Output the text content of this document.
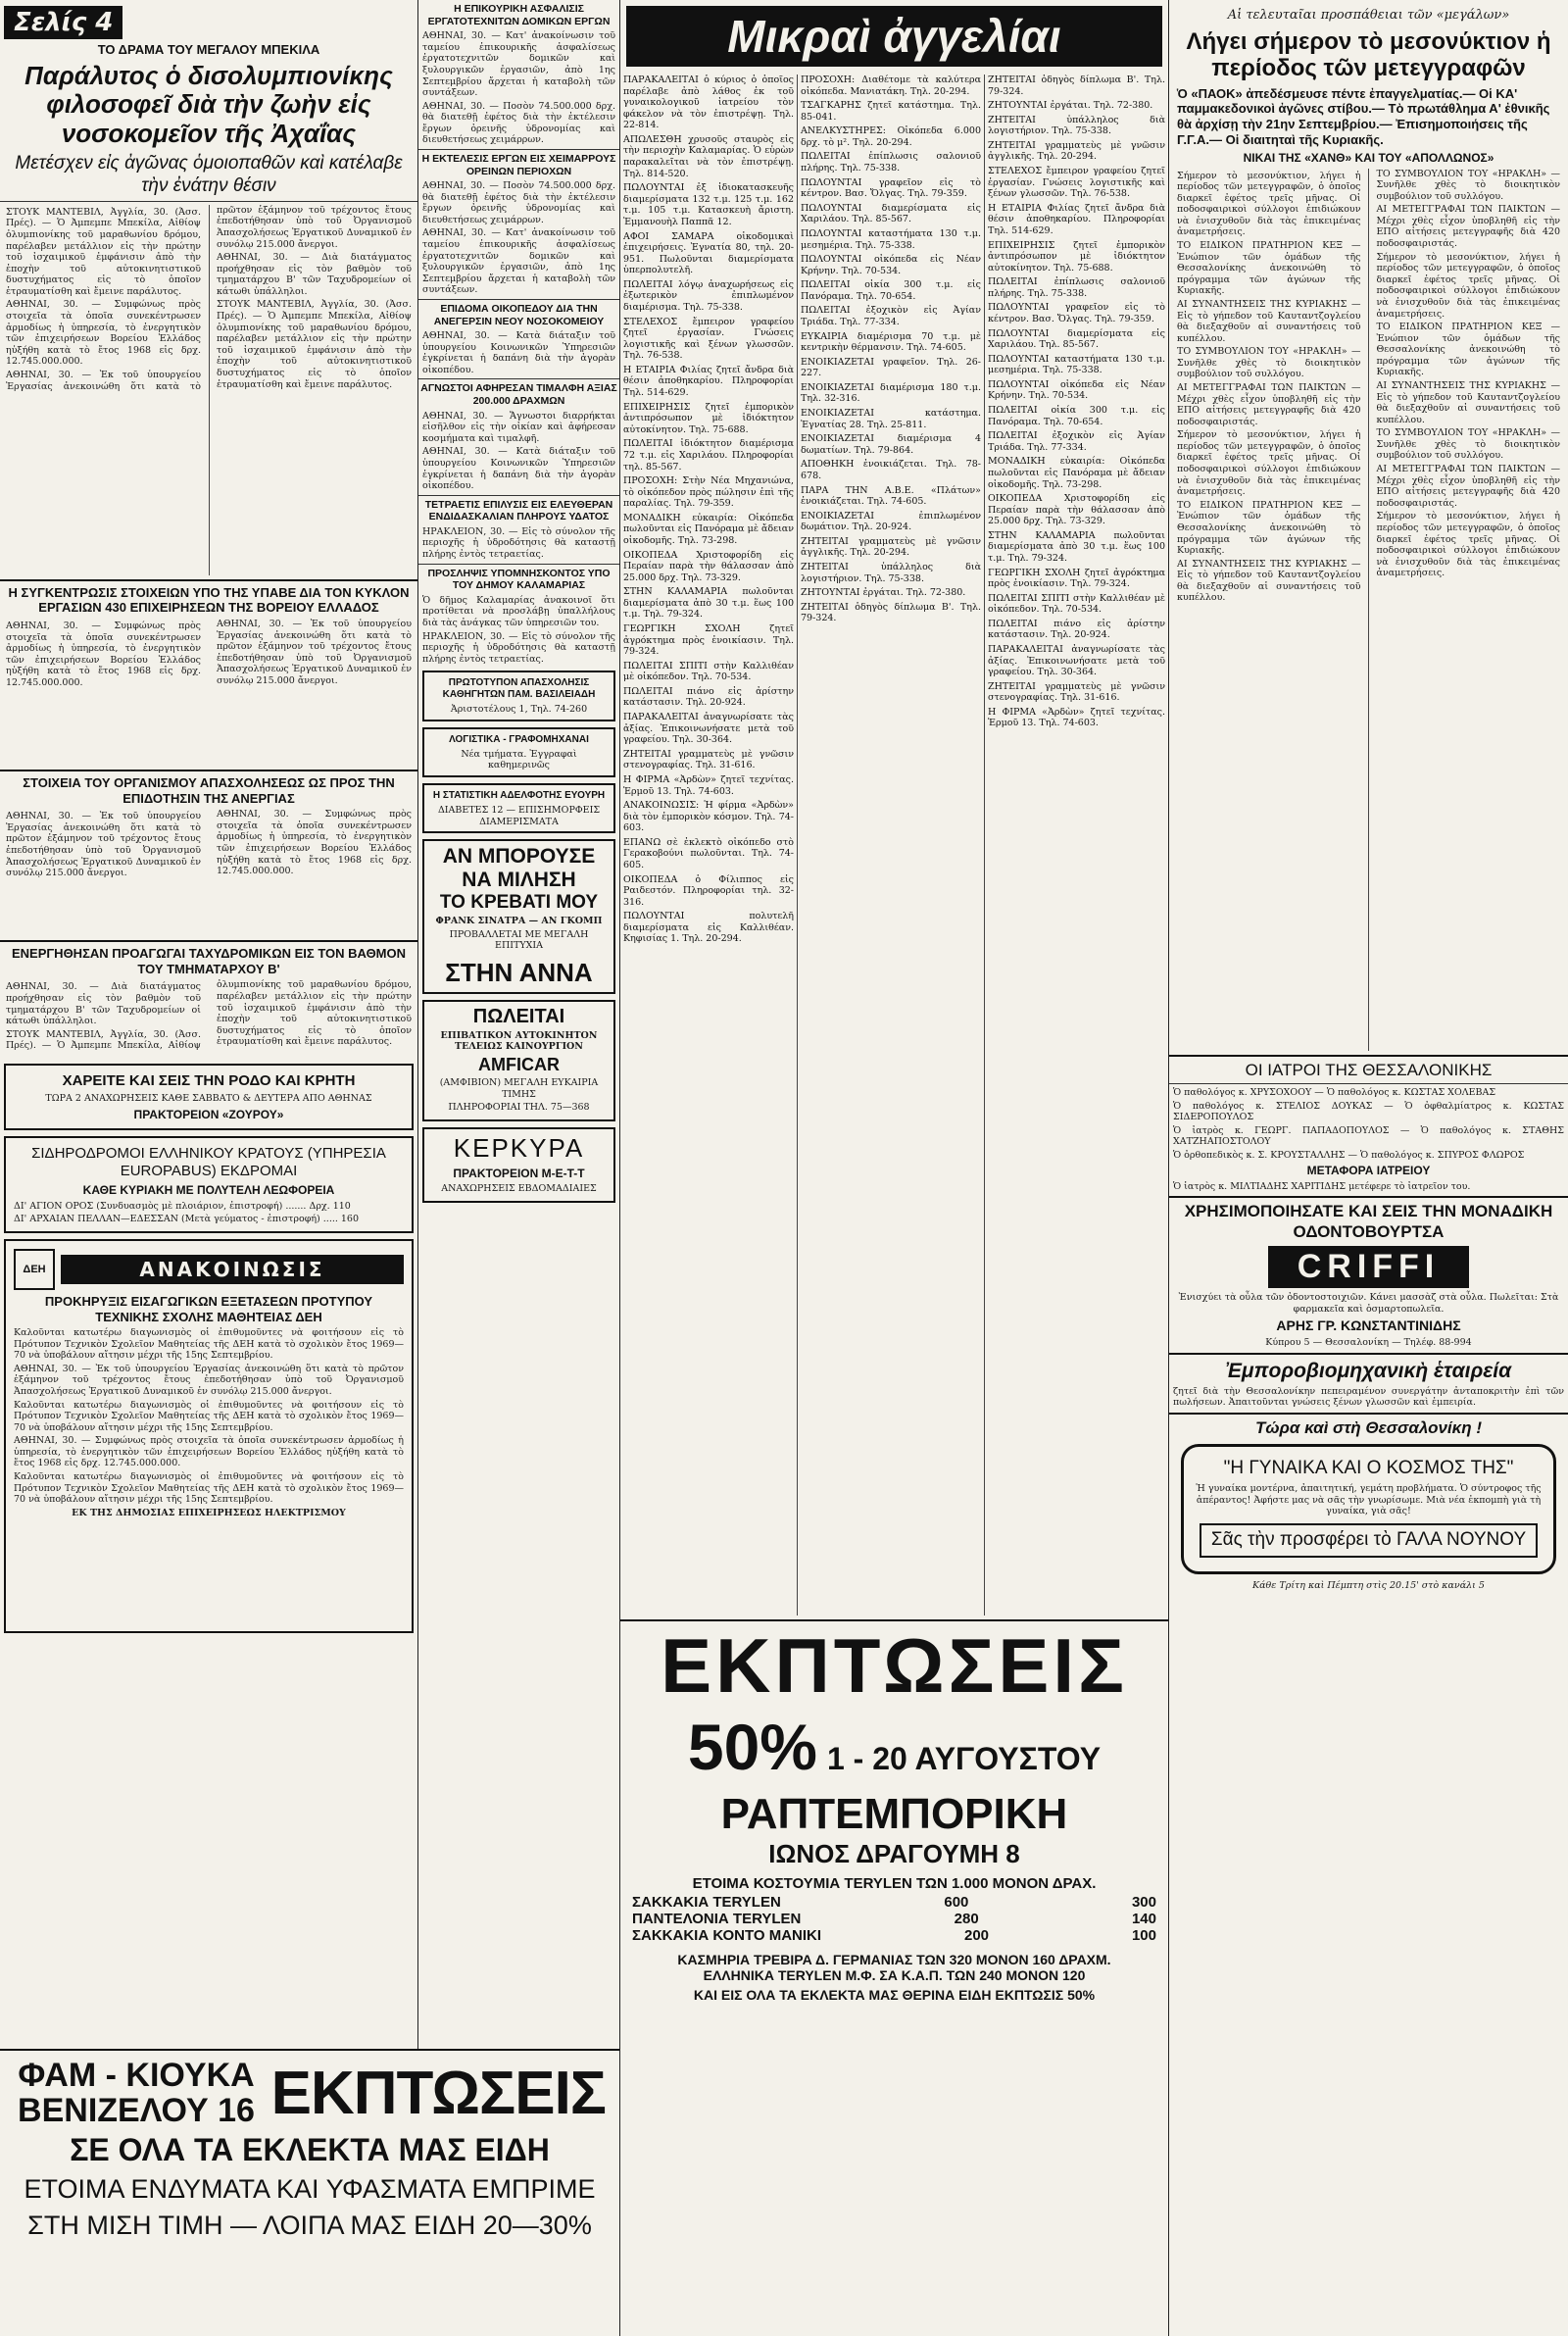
Σελίς 4
ΤΟ ΔΡΑΜΑ ΤΟΥ ΜΕΓΑΛΟΥ ΜΠΕΚΙΛΑ
Παράλυτος ὁ δισολυμπιονίκης φιλοσοφεῖ διὰ τὴν ζωὴν εἰς νοσοκομεῖον τῆς Ἀχαΐας
Μετέσχεν εἰς ἀγῶνας ὁμοιοπαθῶν καὶ κατέλαβε τὴν ἐνάτην θέσιν

ΣΤΟΥΚ ΜΑΝΤΕΒΙΛ, Ἀγγλία, 30. (Ἀσσ. Πρές). — Ὁ Ἀμπεμπε Μπεκίλα, Αἰθίοψ ὀλυμπιονίκης τοῦ μαραθωνίου δρόμου, παρέλαβεν μετάλλιον εἰς τὴν πρώτην τοῦ ἰσχαιμικοῦ ἐμφάνισιν ἀπὸ τὴν ἐποχὴν τοῦ αὐτοκινητιστικοῦ δυστυχήματος εἰς τὸ ὁποῖον ἐτραυματίσθη καὶ ἔμεινε παράλυτος.

ΑΘΗΝΑΙ, 30. — Συμφώνως πρὸς στοιχεῖα τὰ ὁποῖα συνεκέντρωσεν ἀρμοδίως ἡ ὑπηρεσία, τὸ ἐνεργητικὸν τῶν ἐπιχειρήσεων Βορείου Ἑλλάδος ηὐξήθη κατὰ τὸ ἔτος 1968 εἰς δρχ. 12.745.000.000.

ΑΘΗΝΑΙ, 30. — Ἐκ τοῦ ὑπουργείου Ἐργασίας ἀνεκοινώθη ὅτι κατὰ τὸ πρῶτον ἑξάμηνον τοῦ τρέχοντος ἔτους ἐπεδοτήθησαν ὑπὸ τοῦ Ὀργανισμοῦ Ἀπασχολήσεως Ἐργατικοῦ Δυναμικοῦ ἐν συνόλῳ 215.000 ἄνεργοι.

ΑΘΗΝΑΙ, 30. — Διὰ διατάγματος προήχθησαν εἰς τὸν βαθμὸν τοῦ τμηματάρχου Β' τῶν Ταχυδρομείων οἱ κάτωθι ὑπάλληλοι.

ΣΤΟΥΚ ΜΑΝΤΕΒΙΛ, Ἀγγλία, 30. (Ἀσσ. Πρές). — Ὁ Ἀμπεμπε Μπεκίλα, Αἰθίοψ ὀλυμπιονίκης τοῦ μαραθωνίου δρόμου, παρέλαβεν μετάλλιον εἰς τὴν πρώτην τοῦ ἰσχαιμικοῦ ἐμφάνισιν ἀπὸ τὴν ἐποχὴν τοῦ αὐτοκινητιστικοῦ δυστυχήματος εἰς τὸ ὁποῖον ἐτραυματίσθη καὶ ἔμεινε παράλυτος.

Η ΣΥΓΚΕΝΤΡΩΣΙΣ ΣΤΟΙΧΕΙΩΝ ΥΠΟ ΤΗΣ ΥΠΑΒΕ ΔΙΑ ΤΟΝ ΚΥΚΛΟΝ ΕΡΓΑΣΙΩΝ 430 ΕΠΙΧΕΙΡΗΣΕΩΝ ΤΗΣ ΒΟΡΕΙΟΥ ΕΛΛΑΔΟΣ

ΑΘΗΝΑΙ, 30. — Συμφώνως πρὸς στοιχεῖα τὰ ὁποῖα συνεκέντρωσεν ἀρμοδίως ἡ ὑπηρεσία, τὸ ἐνεργητικὸν τῶν ἐπιχειρήσεων Βορείου Ἑλλάδος ηὐξήθη κατὰ τὸ ἔτος 1968 εἰς δρχ. 12.745.000.000.

ΑΘΗΝΑΙ, 30. — Ἐκ τοῦ ὑπουργείου Ἐργασίας ἀνεκοινώθη ὅτι κατὰ τὸ πρῶτον ἑξάμηνον τοῦ τρέχοντος ἔτους ἐπεδοτήθησαν ὑπὸ τοῦ Ὀργανισμοῦ Ἀπασχολήσεως Ἐργατικοῦ Δυναμικοῦ ἐν συνόλῳ 215.000 ἄνεργοι.

ΣΤΟΙΧΕΙΑ ΤΟΥ ΟΡΓΑΝΙΣΜΟΥ ΑΠΑΣΧΟΛΗΣΕΩΣ ΩΣ ΠΡΟΣ ΤΗΝ ΕΠΙΔΟΤΗΣΙΝ ΤΗΣ ΑΝΕΡΓΙΑΣ

ΑΘΗΝΑΙ, 30. — Ἐκ τοῦ ὑπουργείου Ἐργασίας ἀνεκοινώθη ὅτι κατὰ τὸ πρῶτον ἑξάμηνον τοῦ τρέχοντος ἔτους ἐπεδοτήθησαν ὑπὸ τοῦ Ὀργανισμοῦ Ἀπασχολήσεως Ἐργατικοῦ Δυναμικοῦ ἐν συνόλῳ 215.000 ἄνεργοι.

ΑΘΗΝΑΙ, 30. — Συμφώνως πρὸς στοιχεῖα τὰ ὁποῖα συνεκέντρωσεν ἀρμοδίως ἡ ὑπηρεσία, τὸ ἐνεργητικὸν τῶν ἐπιχειρήσεων Βορείου Ἑλλάδος ηὐξήθη κατὰ τὸ ἔτος 1968 εἰς δρχ. 12.745.000.000.

ΕΝΕΡΓΗΘΗΣΑΝ ΠΡΟΑΓΩΓΑΙ ΤΑΧΥΔΡΟΜΙΚΩΝ ΕΙΣ ΤΟΝ ΒΑΘΜΟΝ ΤΟΥ ΤΜΗΜΑΤΑΡΧΟΥ Β'

ΑΘΗΝΑΙ, 30. — Διὰ διατάγματος προήχθησαν εἰς τὸν βαθμὸν τοῦ τμηματάρχου Β' τῶν Ταχυδρομείων οἱ κάτωθι ὑπάλληλοι.

ΣΤΟΥΚ ΜΑΝΤΕΒΙΛ, Ἀγγλία, 30. (Ἀσσ. Πρές). — Ὁ Ἀμπεμπε Μπεκίλα, Αἰθίοψ ὀλυμπιονίκης τοῦ μαραθωνίου δρόμου, παρέλαβεν μετάλλιον εἰς τὴν πρώτην τοῦ ἰσχαιμικοῦ ἐμφάνισιν ἀπὸ τὴν ἐποχὴν τοῦ αὐτοκινητιστικοῦ δυστυχήματος εἰς τὸ ὁποῖον ἐτραυματίσθη καὶ ἔμεινε παράλυτος.

ΧΑΡΕΙΤΕ ΚΑΙ ΣΕΙΣ ΤΗΝ ΡΟΔΟ ΚΑΙ ΚΡΗΤΗ
ΤΩΡΑ 2 ΑΝΑΧΩΡΗΣΕΙΣ ΚΑΘΕ ΣΑΒΒΑΤΟ & ΔΕΥΤΕΡΑ ΑΠΟ ΑΘΗΝΑΣ
ΠΡΑΚΤΟΡΕΙΟΝ «ΖΟΥΡΟΥ»
ΣΙΔΗΡΟΔΡΟΜΟΙ ΕΛΛΗΝΙΚΟΥ ΚΡΑΤΟΥΣ (ΥΠΗΡΕΣΙΑ EUROPABUS) ΕΚΔΡΟΜΑΙ
ΚΑΘΕ ΚΥΡΙΑΚΗ ΜΕ ΠΟΛΥΤΕΛΗ ΛΕΩΦΟΡΕΙΑ
ΔΙ' ΑΓΙΟΝ ΟΡΟΣ (Συνδυασμὸς μὲ πλοιάριον, ἐπιστροφή) ....... Δρχ. 110
ΔΙ' ΑΡΧΑΙΑΝ ΠΕΛΛΑΝ—ΕΔΕΣΣΑΝ (Μετὰ γεύματος - ἐπιστροφή) ..... 160
ΔΕΗ	ΑΝΑΚΟΙΝΩΣΙΣ
ΠΡΟΚΗΡΥΞΙΣ ΕΙΣΑΓΩΓΙΚΩΝ ΕΞΕΤΑΣΕΩΝ ΠΡΟΤΥΠΟΥ ΤΕΧΝΙΚΗΣ ΣΧΟΛΗΣ ΜΑΘΗΤΕΙΑΣ ΔΕΗ

Καλοῦνται κατωτέρω διαγωνισμὸς οἱ ἐπιθυμοῦντες νὰ φοιτήσουν εἰς τὸ Πρότυπον Τεχνικὸν Σχολεῖον Μαθητείας τῆς ΔΕΗ κατὰ τὸ σχολικὸν ἔτος 1969—70 νὰ ὑποβάλουν αἴτησιν μέχρι τῆς 15ης Σεπτεμβρίου.

ΑΘΗΝΑΙ, 30. — Ἐκ τοῦ ὑπουργείου Ἐργασίας ἀνεκοινώθη ὅτι κατὰ τὸ πρῶτον ἑξάμηνον τοῦ τρέχοντος ἔτους ἐπεδοτήθησαν ὑπὸ τοῦ Ὀργανισμοῦ Ἀπασχολήσεως Ἐργατικοῦ Δυναμικοῦ ἐν συνόλῳ 215.000 ἄνεργοι.

Καλοῦνται κατωτέρω διαγωνισμὸς οἱ ἐπιθυμοῦντες νὰ φοιτήσουν εἰς τὸ Πρότυπον Τεχνικὸν Σχολεῖον Μαθητείας τῆς ΔΕΗ κατὰ τὸ σχολικὸν ἔτος 1969—70 νὰ ὑποβάλουν αἴτησιν μέχρι τῆς 15ης Σεπτεμβρίου.

ΑΘΗΝΑΙ, 30. — Συμφώνως πρὸς στοιχεῖα τὰ ὁποῖα συνεκέντρωσεν ἀρμοδίως ἡ ὑπηρεσία, τὸ ἐνεργητικὸν τῶν ἐπιχειρήσεων Βορείου Ἑλλάδος ηὐξήθη κατὰ τὸ ἔτος 1968 εἰς δρχ. 12.745.000.000.

Καλοῦνται κατωτέρω διαγωνισμὸς οἱ ἐπιθυμοῦντες νὰ φοιτήσουν εἰς τὸ Πρότυπον Τεχνικὸν Σχολεῖον Μαθητείας τῆς ΔΕΗ κατὰ τὸ σχολικὸν ἔτος 1969—70 νὰ ὑποβάλουν αἴτησιν μέχρι τῆς 15ης Σεπτεμβρίου.

ΕΚ ΤΗΣ ΔΗΜΟΣΙΑΣ ΕΠΙΧΕΙΡΗΣΕΩΣ ΗΛΕΚΤΡΙΣΜΟΥ
ΦΑΜ - ΚΙΟΥΚΑ ΒΕΝΙΖΕΛΟΥ 16 ΕΚΠΤΩΣΕΙΣ
ΣΕ ΟΛΑ ΤΑ ΕΚΛΕΚΤΑ ΜΑΣ ΕΙΔΗ
ΕΤΟΙΜΑ ΕΝΔΥΜΑΤΑ ΚΑΙ ΥΦΑΣΜΑΤΑ ΕΜΠΡΙΜΕ
ΣΤΗ ΜΙΣΗ ΤΙΜΗ — ΛΟΙΠΑ ΜΑΣ ΕΙΔΗ 20—30%
Η ΕΠΙΚΟΥΡΙΚΗ ΑΣΦΑΛΙΣΙΣ ΕΡΓΑΤΟΤΕΧΝΙΤΩΝ ΔΟΜΙΚΩΝ ΕΡΓΩΝ

ΑΘΗΝΑΙ, 30. — Κατ' ἀνακοίνωσιν τοῦ ταμείου ἐπικουρικῆς ἀσφαλίσεως ἐργατοτεχνιτῶν δομικῶν καὶ ξυλουργικῶν ἐργασιῶν, ἀπὸ 1ης Σεπτεμβρίου ἄρχεται ἡ καταβολὴ τῶν συντάξεων.

ΑΘΗΝΑΙ, 30. — Ποσὸν 74.500.000 δρχ. θὰ διατεθῇ ἐφέτος διὰ τὴν ἐκτέλεσιν ἔργων ὀρεινῆς ὑδρονομίας καὶ διευθετήσεως χειμάρρων.

Η ΕΚΤΕΛΕΣΙΣ ΕΡΓΩΝ ΕΙΣ ΧΕΙΜΑΡΡΟΥΣ ΟΡΕΙΝΩΝ ΠΕΡΙΟΧΩΝ

ΑΘΗΝΑΙ, 30. — Ποσὸν 74.500.000 δρχ. θὰ διατεθῇ ἐφέτος διὰ τὴν ἐκτέλεσιν ἔργων ὀρεινῆς ὑδρονομίας καὶ διευθετήσεως χειμάρρων.

ΑΘΗΝΑΙ, 30. — Κατ' ἀνακοίνωσιν τοῦ ταμείου ἐπικουρικῆς ἀσφαλίσεως ἐργατοτεχνιτῶν δομικῶν καὶ ξυλουργικῶν ἐργασιῶν, ἀπὸ 1ης Σεπτεμβρίου ἄρχεται ἡ καταβολὴ τῶν συντάξεων.

ΕΠΙΔΟΜΑ ΟΙΚΟΠΕΔΟΥ ΔΙΑ ΤΗΝ ΑΝΕΓΕΡΣΙΝ ΝΕΟΥ ΝΟΣΟΚΟΜΕΙΟΥ

ΑΘΗΝΑΙ, 30. — Κατὰ διάταξιν τοῦ ὑπουργείου Κοινωνικῶν Ὑπηρεσιῶν ἐγκρίνεται ἡ δαπάνη διὰ τὴν ἀγορὰν οἰκοπέδου.

ΑΓΝΩΣΤΟΙ ΑΦΗΡΕΣΑΝ ΤΙΜΑΛΦΗ ΑΞΙΑΣ 200.000 ΔΡΑΧΜΩΝ

ΑΘΗΝΑΙ, 30. — Ἄγνωστοι διαρρήκται εἰσῆλθον εἰς τὴν οἰκίαν καὶ ἀφήρεσαν κοσμήματα καὶ τιμαλφῆ.

ΑΘΗΝΑΙ, 30. — Κατὰ διάταξιν τοῦ ὑπουργείου Κοινωνικῶν Ὑπηρεσιῶν ἐγκρίνεται ἡ δαπάνη διὰ τὴν ἀγορὰν οἰκοπέδου.

ΤΕΤΡΑΕΤΙΣ ΕΠΙΛΥΣΙΣ ΕΙΣ ΕΛΕΥΘΕΡΑΝ ΕΝΔΙΔΑΣΚΑΛΙΑΝ ΠΛΗΡΟΥΣ ΥΔΑΤΟΣ

ΗΡΑΚΛΕΙΟΝ, 30. — Εἰς τὸ σύνολον τῆς περιοχῆς ἡ ὑδροδότησις θὰ καταστῇ πλήρης ἐντὸς τετραετίας.

ΠΡΟΣΛΗΨΙΣ ΥΠΟΜΝΗΣΚΟΝΤΟΣ ΥΠΟ ΤΟΥ ΔΗΜΟΥ ΚΑΛΑΜΑΡΙΑΣ

Ὁ δῆμος Καλαμαρίας ἀνακοινοῖ ὅτι προτίθεται νὰ προσλάβῃ ὑπαλλήλους διὰ τὰς ἀνάγκας τῶν ὑπηρεσιῶν του.

ΗΡΑΚΛΕΙΟΝ, 30. — Εἰς τὸ σύνολον τῆς περιοχῆς ἡ ὑδροδότησις θὰ καταστῇ πλήρης ἐντὸς τετραετίας.

ΠΡΩΤΟΤΥΠΟΝ ΑΠΑΣΧΟΛΗΣΙΣ ΚΑΘΗΓΗΤΩΝ ΠΑΜ. ΒΑΣΙΛΕΙΑΔΗ
Ἀριστοτέλους 1, Τηλ. 74-260
ΛΟΓΙΣΤΙΚΑ - ΓΡΑΦΟΜΗΧΑΝΑΙ
Νέα τμήματα. Ἐγγραφαὶ καθημερινῶς
Η ΣΤΑΤΙΣΤΙΚΗ ΑΔΕΛΦΟΤΗΣ ΕΥΟΥΡΗ
ΔΙΑΒΕΤΕΣ 12 — ΕΠΙΣΗΜΟΡΦΕΙΣ ΔΙΑΜΕΡΙΣΜΑΤΑ
ΑΝ ΜΠΟΡΟΥΣΕ
ΝΑ ΜΙΛΗΣΗ
ΤΟ ΚΡΕΒΑΤΙ ΜΟΥ
ΦΡΑΝΚ ΣΙΝΑΤΡΑ — ΑΝ ΓΚΟΜΠ
ΠΡΟΒΑΛΛΕΤΑΙ ΜΕ ΜΕΓΑΛΗ ΕΠΙΤΥΧΙΑ
ΣΤΗΝ ΑΝΝΑ
ΠΩΛΕΙΤΑΙ
ΕΠΙΒΑΤΙΚΟΝ ΑΥΤΟΚΙΝΗΤΟΝ ΤΕΛΕΙΩΣ ΚΑΙΝΟΥΡΓΙΟΝ
AMFICAR
(ΑΜΦΙΒΙΟΝ) ΜΕΓΑΛΗ ΕΥΚΑΙΡΙΑ ΤΙΜΗΣ
ΠΛΗΡΟΦΟΡΙΑΙ ΤΗΛ. 75—368
ΚΕΡΚΥΡΑ
ΠΡΑΚΤΟΡΕΙΟΝ Μ-Ε-Τ-Τ
ΑΝΑΧΩΡΗΣΕΙΣ ΕΒΔΟΜΑΔΙΑΙΕΣ
Μικραὶ ἀγγελίαι

ΠΑΡΑΚΑΛΕΙΤΑΙ ὁ κύριος ὁ ὁποῖος παρέλαβε ἀπὸ λάθος ἐκ τοῦ γυναικολογικοῦ ἰατρείου τὸν φάκελον νὰ τὸν ἐπιστρέψῃ. Τηλ. 22-814.

ΑΠΩΛΕΣΘΗ χρυσοῦς σταυρὸς εἰς τὴν περιοχὴν Καλαμαρίας. Ὁ εὑρὼν παρακαλεῖται νὰ τὸν ἐπιστρέψῃ. Τηλ. 814-520.

ΠΩΛΟΥΝΤΑΙ ἐξ ἰδιοκατασκευῆς διαμερίσματα 132 τ.μ. 125 τ.μ. 162 τ.μ. 105 τ.μ. Κατασκευὴ ἄριστη. Ἐμμανουὴλ Παππᾶ 12.

ΑΦΟΙ ΣΑΜΑΡΑ οἰκοδομικαὶ ἐπιχειρήσεις. Ἐγνατία 80, τηλ. 20-951. Πωλοῦνται διαμερίσματα ὑπερπολυτελῆ.

ΠΩΛΕΙΤΑΙ λόγῳ ἀναχωρήσεως εἰς ἐξωτερικὸν ἐπιπλωμένον διαμέρισμα. Τηλ. 75-338.

ΣΤΕΛΕΧΟΣ ἔμπειρον γραφείου ζητεῖ ἐργασίαν. Γνώσεις λογιστικῆς καὶ ξένων γλωσσῶν. Τηλ. 76-538.

Η ΕΤΑΙΡΙΑ Φιλίας ζητεῖ ἄνδρα διὰ θέσιν ἀποθηκαρίου. Πληροφορίαι Τηλ. 514-629.

ΕΠΙΧΕΙΡΗΣΙΣ ζητεῖ ἐμπορικὸν ἀντιπρόσωπον μὲ ἰδιόκτητον αὐτοκίνητον. Τηλ. 75-688.

ΠΩΛΕΙΤΑΙ ἰδιόκτητον διαμέρισμα 72 τ.μ. εἰς Χαριλάου. Πληροφορίαι τηλ. 85-567.

ΠΡΟΣΟΧΗ: Στὴν Νέα Μηχανιώνα, τὸ οἰκόπεδον πρὸς πώλησιν ἐπὶ τῆς παραλίας. Τηλ. 79-359.

ΜΟΝΑΔΙΚΗ εὐκαιρία: Οἰκόπεδα πωλοῦνται εἰς Πανόραμα μὲ ἄδειαν οἰκοδομῆς. Τηλ. 73-298.

ΟΙΚΟΠΕΔΑ Χριστοφορίδη εἰς Περαίαν παρὰ τὴν θάλασσαν ἀπὸ 25.000 δρχ. Τηλ. 73-329.

ΣΤΗΝ ΚΑΛΑΜΑΡΙΑ πωλοῦνται διαμερίσματα ἀπὸ 30 τ.μ. ἕως 100 τ.μ. Τηλ. 79-324.

ΓΕΩΡΓΙΚΗ ΣΧΟΛΗ ζητεῖ ἀγρόκτημα πρὸς ἐνοικίασιν. Τηλ. 79-324.

ΠΩΛΕΙΤΑΙ ΣΠΙΤΙ στὴν Καλλιθέαν μὲ οἰκόπεδον. Τηλ. 70-534.

ΠΩΛΕΙΤΑΙ πιάνο εἰς ἀρίστην κατάστασιν. Τηλ. 20-924.

ΠΑΡΑΚΑΛΕΙΤΑΙ ἀναγνωρίσατε τὰς ἀξίας. Ἐπικοινωνήσατε μετὰ τοῦ γραφείου. Τηλ. 30-364.

ΖΗΤΕΙΤΑΙ γραμματεὺς μὲ γνῶσιν στενογραφίας. Τηλ. 31-616.

Η ΦΙΡΜΑ «Ἀρδὼν» ζητεῖ τεχνίτας. Ἑρμοῦ 13. Τηλ. 74-603.

ΑΝΑΚΟΙΝΩΣΙΣ: Ἡ φίρμα «Ἀρδὼν» διὰ τὸν ἐμπορικὸν κόσμον. Τηλ. 74-603.

ΕΠΑΝΩ σὲ ἐκλεκτὸ οἰκόπεδο στὸ Γερακοβούνι πωλοῦνται. Τηλ. 74-605.

ΟΙΚΟΠΕΔΑ ὁ Φίλιππος εἰς Ραιδεστόν. Πληροφορίαι τηλ. 32-316.

ΠΩΛΟΥΝΤΑΙ πολυτελῆ διαμερίσματα εἰς Καλλιθέαν. Κηφισίας 1. Τηλ. 20-294.

ΠΡΟΣΟΧΗ: Διαθέτομε τὰ καλύτερα οἰκόπεδα. Μανιατάκη. Τηλ. 20-294.

ΤΣΑΓΚΑΡΗΣ ζητεῖ κατάστημα. Τηλ. 85-041.

ΑΝΕΛΚΥΣΤΗΡΕΣ: Οἰκόπεδα 6.000 δρχ. τὸ μ². Τηλ. 20-294.

ΠΩΛΕΙΤΑΙ ἐπίπλωσις σαλονιοῦ πλήρης. Τηλ. 75-338.

ΠΩΛΟΥΝΤΑΙ γραφεῖον εἰς τὸ κέντρον. Βασ. Ὄλγας. Τηλ. 79-359.

ΠΩΛΟΥΝΤΑΙ διαμερίσματα εἰς Χαριλάου. Τηλ. 85-567.

ΠΩΛΟΥΝΤΑΙ καταστήματα 130 τ.μ. μεσημέρια. Τηλ. 75-338.

ΠΩΛΟΥΝΤΑΙ οἰκόπεδα εἰς Νέαν Κρήνην. Τηλ. 70-534.

ΠΩΛΕΙΤΑΙ οἰκία 300 τ.μ. εἰς Πανόραμα. Τηλ. 70-654.

ΠΩΛΕΙΤΑΙ ἐξοχικὸν εἰς Ἀγίαν Τριάδα. Τηλ. 77-334.

ΕΥΚΑΙΡΙΑ διαμέρισμα 70 τ.μ. μὲ κεντρικὴν θέρμανσιν. Τηλ. 74-605.

ΕΝΟΙΚΙΑΖΕΤΑΙ γραφεῖον. Τηλ. 26-227.

ΕΝΟΙΚΙΑΖΕΤΑΙ διαμέρισμα 180 τ.μ. Τηλ. 32-316.

ΕΝΟΙΚΙΑΖΕΤΑΙ κατάστημα. Ἐγνατίας 28. Τηλ. 25-811.

ΕΝΟΙΚΙΑΖΕΤΑΙ διαμέρισμα 4 δωματίων. Τηλ. 79-864.

ΑΠΟΘΗΚΗ ἐνοικιάζεται. Τηλ. 78-678.

ΠΑΡΑ ΤΗΝ Α.Β.Ε. «Πλάτων» ἐνοικιάζεται. Τηλ. 74-605.

ΕΝΟΙΚΙΑΖΕΤΑΙ ἐπιπλωμένον δωμάτιον. Τηλ. 20-924.

ΖΗΤΕΙΤΑΙ γραμματεὺς μὲ γνῶσιν ἀγγλικῆς. Τηλ. 20-294.

ΖΗΤΕΙΤΑΙ ὑπάλληλος διὰ λογιστήριον. Τηλ. 75-338.

ΖΗΤΟΥΝΤΑΙ ἐργάται. Τηλ. 72-380.

ΖΗΤΕΙΤΑΙ ὁδηγὸς δίπλωμα Β'. Τηλ. 79-324.

ΖΗΤΕΙΤΑΙ ὁδηγὸς δίπλωμα Β'. Τηλ. 79-324.

ΖΗΤΟΥΝΤΑΙ ἐργάται. Τηλ. 72-380.

ΖΗΤΕΙΤΑΙ ὑπάλληλος διὰ λογιστήριον. Τηλ. 75-338.

ΖΗΤΕΙΤΑΙ γραμματεὺς μὲ γνῶσιν ἀγγλικῆς. Τηλ. 20-294.

ΣΤΕΛΕΧΟΣ ἔμπειρον γραφείου ζητεῖ ἐργασίαν. Γνώσεις λογιστικῆς καὶ ξένων γλωσσῶν. Τηλ. 76-538.

Η ΕΤΑΙΡΙΑ Φιλίας ζητεῖ ἄνδρα διὰ θέσιν ἀποθηκαρίου. Πληροφορίαι Τηλ. 514-629.

ΕΠΙΧΕΙΡΗΣΙΣ ζητεῖ ἐμπορικὸν ἀντιπρόσωπον μὲ ἰδιόκτητον αὐτοκίνητον. Τηλ. 75-688.

ΠΩΛΕΙΤΑΙ ἐπίπλωσις σαλονιοῦ πλήρης. Τηλ. 75-338.

ΠΩΛΟΥΝΤΑΙ γραφεῖον εἰς τὸ κέντρον. Βασ. Ὄλγας. Τηλ. 79-359.

ΠΩΛΟΥΝΤΑΙ διαμερίσματα εἰς Χαριλάου. Τηλ. 85-567.

ΠΩΛΟΥΝΤΑΙ καταστήματα 130 τ.μ. μεσημέρια. Τηλ. 75-338.

ΠΩΛΟΥΝΤΑΙ οἰκόπεδα εἰς Νέαν Κρήνην. Τηλ. 70-534.

ΠΩΛΕΙΤΑΙ οἰκία 300 τ.μ. εἰς Πανόραμα. Τηλ. 70-654.

ΠΩΛΕΙΤΑΙ ἐξοχικὸν εἰς Ἀγίαν Τριάδα. Τηλ. 77-334.

ΜΟΝΑΔΙΚΗ εὐκαιρία: Οἰκόπεδα πωλοῦνται εἰς Πανόραμα μὲ ἄδειαν οἰκοδομῆς. Τηλ. 73-298.

ΟΙΚΟΠΕΔΑ Χριστοφορίδη εἰς Περαίαν παρὰ τὴν θάλασσαν ἀπὸ 25.000 δρχ. Τηλ. 73-329.

ΣΤΗΝ ΚΑΛΑΜΑΡΙΑ πωλοῦνται διαμερίσματα ἀπὸ 30 τ.μ. ἕως 100 τ.μ. Τηλ. 79-324.

ΓΕΩΡΓΙΚΗ ΣΧΟΛΗ ζητεῖ ἀγρόκτημα πρὸς ἐνοικίασιν. Τηλ. 79-324.

ΠΩΛΕΙΤΑΙ ΣΠΙΤΙ στὴν Καλλιθέαν μὲ οἰκόπεδον. Τηλ. 70-534.

ΠΩΛΕΙΤΑΙ πιάνο εἰς ἀρίστην κατάστασιν. Τηλ. 20-924.

ΠΑΡΑΚΑΛΕΙΤΑΙ ἀναγνωρίσατε τὰς ἀξίας. Ἐπικοινωνήσατε μετὰ τοῦ γραφείου. Τηλ. 30-364.

ΖΗΤΕΙΤΑΙ γραμματεὺς μὲ γνῶσιν στενογραφίας. Τηλ. 31-616.

Η ΦΙΡΜΑ «Ἀρδὼν» ζητεῖ τεχνίτας. Ἑρμοῦ 13. Τηλ. 74-603.

ΕΚΠΤΩΣΕΙΣ
50% 1 - 20 ΑΥΓΟΥΣΤΟΥ
ΡΑΠΤΕΜΠΟΡΙΚΗ
ΙΩΝΟΣ ΔΡΑΓΟΥΜΗ 8
ΕΤΟΙΜΑ ΚΟΣΤΟΥΜΙΑ TERYLEN ΤΩΝ 1.000 ΜΟΝΟΝ ΔΡΑΧ.
ΣΑΚΚΑΚΙΑ TERYLEN	600	300
ΠΑΝΤΕΛΟΝΙΑ TERYLEN	280	140
ΣΑΚΚΑΚΙΑ ΚΟΝΤΟ ΜΑΝΙΚΙ	200	100
ΚΑΣΜΗΡΙΑ ΤΡΕΒΙΡΑ Δ. ΓΕΡΜΑΝΙΑΣ ΤΩΝ 320 ΜΟΝΟΝ 160 ΔΡΑΧΜ.
ΕΛΛΗΝΙΚΑ TERYLEN Μ.Φ. ΣΑ Κ.Α.Π. ΤΩΝ 240 ΜΟΝΟΝ 120
ΚΑΙ ΕΙΣ ΟΛΑ ΤΑ ΕΚΛΕΚΤΑ ΜΑΣ ΘΕΡΙΝΑ ΕΙΔΗ ΕΚΠΤΩΣΙΣ 50%
Αἱ τελευταῖαι προσπάθειαι τῶν «μεγάλων»
Λήγει σήμερον τὸ μεσονύκτιον ἡ περίοδος τῶν μετεγγραφῶν
Ὁ «ΠΑΟΚ» ἀπεδέσμευσε πέντε ἐπαγγελματίας.— Οἱ ΚΑ' παμμακεδονικοὶ ἀγῶνες στίβου.— Τὸ πρωτάθλημα Α' ἐθνικῆς θὰ ἀρχίσῃ τὴν 21ην Σεπτεμβρίου.— Ἐπισημοποιήσεις τῆς Γ.Γ.Α.— Οἱ διαιτηταὶ τῆς Κυριακῆς.
ΝΙΚΑΙ ΤΗΣ «ΧΑΝΘ» ΚΑΙ ΤΟΥ «ΑΠΟΛΛΩΝΟΣ»

Σήμερον τὸ μεσονύκτιον, λήγει ἡ περίοδος τῶν μετεγγραφῶν, ὁ ὁποῖος διαρκεῖ ἐφέτος τρεῖς μῆνας. Οἱ ποδοσφαιρικοὶ σύλλογοι ἐπιδιώκουν νὰ ἐνισχυθοῦν διὰ τὰς ἐπικειμένας ἀναμετρήσεις.

ΤΟ ΕΙΔΙΚΟΝ ΠΡΑΤΗΡΙΟΝ ΚΕΞ — Ἐνώπιον τῶν ὁμάδων τῆς Θεσσαλονίκης ἀνεκοινώθη τὸ πρόγραμμα τῶν ἀγώνων τῆς Κυριακῆς.

ΑΙ ΣΥΝΑΝΤΗΣΕΙΣ ΤΗΣ ΚΥΡΙΑΚΗΣ — Εἰς τὸ γήπεδον τοῦ Καυταντζογλείου θὰ διεξαχθοῦν αἱ συναντήσεις τοῦ κυπέλλου.

ΤΟ ΣΥΜΒΟΥΛΙΟΝ ΤΟΥ «ΗΡΑΚΛΗ» — Συνῆλθε χθὲς τὸ διοικητικὸν συμβούλιον τοῦ συλλόγου.

ΑΙ ΜΕΤΕΓΓΡΑΦΑΙ ΤΩΝ ΠΑΙΚΤΩΝ — Μέχρι χθὲς εἶχον ὑποβληθῆ εἰς τὴν ΕΠΟ αἰτήσεις μετεγγραφῆς διὰ 420 ποδοσφαιριστάς.

Σήμερον τὸ μεσονύκτιον, λήγει ἡ περίοδος τῶν μετεγγραφῶν, ὁ ὁποῖος διαρκεῖ ἐφέτος τρεῖς μῆνας. Οἱ ποδοσφαιρικοὶ σύλλογοι ἐπιδιώκουν νὰ ἐνισχυθοῦν διὰ τὰς ἐπικειμένας ἀναμετρήσεις.

ΤΟ ΕΙΔΙΚΟΝ ΠΡΑΤΗΡΙΟΝ ΚΕΞ — Ἐνώπιον τῶν ὁμάδων τῆς Θεσσαλονίκης ἀνεκοινώθη τὸ πρόγραμμα τῶν ἀγώνων τῆς Κυριακῆς.

ΑΙ ΣΥΝΑΝΤΗΣΕΙΣ ΤΗΣ ΚΥΡΙΑΚΗΣ — Εἰς τὸ γήπεδον τοῦ Καυταντζογλείου θὰ διεξαχθοῦν αἱ συναντήσεις τοῦ κυπέλλου.

ΤΟ ΣΥΜΒΟΥΛΙΟΝ ΤΟΥ «ΗΡΑΚΛΗ» — Συνῆλθε χθὲς τὸ διοικητικὸν συμβούλιον τοῦ συλλόγου.

ΑΙ ΜΕΤΕΓΓΡΑΦΑΙ ΤΩΝ ΠΑΙΚΤΩΝ — Μέχρι χθὲς εἶχον ὑποβληθῆ εἰς τὴν ΕΠΟ αἰτήσεις μετεγγραφῆς διὰ 420 ποδοσφαιριστάς.

Σήμερον τὸ μεσονύκτιον, λήγει ἡ περίοδος τῶν μετεγγραφῶν, ὁ ὁποῖος διαρκεῖ ἐφέτος τρεῖς μῆνας. Οἱ ποδοσφαιρικοὶ σύλλογοι ἐπιδιώκουν νὰ ἐνισχυθοῦν διὰ τὰς ἐπικειμένας ἀναμετρήσεις.

ΤΟ ΕΙΔΙΚΟΝ ΠΡΑΤΗΡΙΟΝ ΚΕΞ — Ἐνώπιον τῶν ὁμάδων τῆς Θεσσαλονίκης ἀνεκοινώθη τὸ πρόγραμμα τῶν ἀγώνων τῆς Κυριακῆς.

ΑΙ ΣΥΝΑΝΤΗΣΕΙΣ ΤΗΣ ΚΥΡΙΑΚΗΣ — Εἰς τὸ γήπεδον τοῦ Καυταντζογλείου θὰ διεξαχθοῦν αἱ συναντήσεις τοῦ κυπέλλου.

ΤΟ ΣΥΜΒΟΥΛΙΟΝ ΤΟΥ «ΗΡΑΚΛΗ» — Συνῆλθε χθὲς τὸ διοικητικὸν συμβούλιον τοῦ συλλόγου.

ΑΙ ΜΕΤΕΓΓΡΑΦΑΙ ΤΩΝ ΠΑΙΚΤΩΝ — Μέχρι χθὲς εἶχον ὑποβληθῆ εἰς τὴν ΕΠΟ αἰτήσεις μετεγγραφῆς διὰ 420 ποδοσφαιριστάς.

Σήμερον τὸ μεσονύκτιον, λήγει ἡ περίοδος τῶν μετεγγραφῶν, ὁ ὁποῖος διαρκεῖ ἐφέτος τρεῖς μῆνας. Οἱ ποδοσφαιρικοὶ σύλλογοι ἐπιδιώκουν νὰ ἐνισχυθοῦν διὰ τὰς ἐπικειμένας ἀναμετρήσεις.

ΟΙ ΙΑΤΡΟΙ ΤΗΣ ΘΕΣΣΑΛΟΝΙΚΗΣ

Ὁ παθολόγος κ. ΧΡΥΣΟΧΟΟΥ — Ὁ παθολόγος κ. ΚΩΣΤΑΣ ΧΟΛΕΒΑΣ

Ὁ παθολόγος κ. ΣΤΕΛΙΟΣ ΔΟΥΚΑΣ — Ὁ ὀφθαλμίατρος κ. ΚΩΣΤΑΣ ΣΙΔΕΡΟΠΟΥΛΟΣ

Ὁ ἰατρὸς κ. ΓΕΩΡΓ. ΠΑΠΑΔΟΠΟΥΛΟΣ — Ὁ παθολόγος κ. ΣΤΑΘΗΣ ΧΑΤΖΗΑΠΟΣΤΟΛΟΥ

Ὁ ὀρθοπεδικὸς κ. Σ. ΚΡΟΥΣΤΑΛΛΗΣ — Ὁ παθολόγος κ. ΣΠΥΡΟΣ ΦΛΩΡΟΣ

ΜΕΤΑΦΟΡΑ ΙΑΤΡΕΙΟΥ

Ὁ ἰατρὸς κ. ΜΙΛΤΙΑΔΗΣ ΧΑΡΙΤΙΔΗΣ μετέφερε τὸ ἰατρεῖον του.

ΧΡΗΣΙΜΟΠΟΙΗΣΑΤΕ ΚΑΙ ΣΕΙΣ ΤΗΝ ΜΟΝΑΔΙΚΗ ΟΔΟΝΤΟΒΟΥΡΤΣΑ
CRIFFI

Ἐνισχύει τὰ οὖλα τῶν ὀδοντοστοιχιῶν. Κάνει μασσὰζ στὰ οὖλα. Πωλεῖται: Στὰ φαρμακεῖα καὶ ὀσμαρτοπωλεῖα.

ΑΡΗΣ ΓΡ. ΚΩΝΣΤΑΝΤΙΝΙΔΗΣ
Κύπρου 5 — Θεσσαλονίκη — Τηλέφ. 88-994
Ἐμποροβιομηχανικὴ ἑταιρεία

ζητεῖ διὰ τὴν Θεσσαλονίκην πεπειραμένον συνεργάτην ἀνταποκριτὴν ἐπὶ τῶν πωλήσεων. Ἀπαιτοῦνται γνώσεις ξένων γλωσσῶν καὶ ἐμπειρία.

Τώρα καὶ στὴ Θεσσαλονίκη !
"Η ΓΥΝΑΙΚΑ ΚΑΙ Ο ΚΟΣΜΟΣ ΤΗΣ"

Ἡ γυναίκα μοντέρνα, ἀπαιτητική, γεμάτη προβλήματα. Ὁ σύντροφος τῆς ἀπέραντος! Ἀφήστε μας νὰ σᾶς τὴν γνωρίσωμε. Μιὰ νέα ἐκπομπὴ γιὰ τὴ γυναίκα, γιὰ σᾶς!

Σᾶς τὴν προσφέρει τὸ ΓΑΛΑ ΝΟΥΝΟΥ
Κάθε Τρίτη καὶ Πέμπτη στὶς 20.15' στὸ κανάλι 5
